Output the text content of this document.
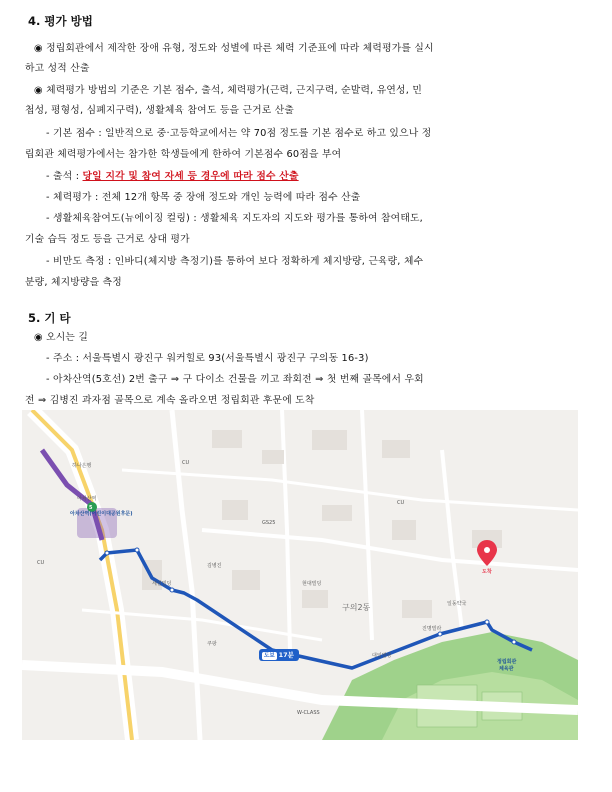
4. 평가 방법
◉ 정립회관에서 제작한 장애 유형, 정도와 성별에 따른 체력 기준표에 따라 체력평가를 실시
하고 성적 산출
◉ 체력평가 방법의 기준은 기본 점수, 출석, 체력평가(근력, 근지구력, 순발력, 유연성, 민
첩성, 평형성, 심폐지구력), 생활체육 참여도 등을 근거로 산출
- 기본 점수 : 일반적으로 중·고등학교에서는 약 70점 정도를 기본 점수로 하고 있으나 정
립회관 체력평가에서는 참가한 학생들에게 한하여 기본점수 60점을 부여
- 출석 : 당일 지각 및 참여 자세 등 경우에 따라 점수 산출
- 체력평가 : 전체 12개 항목 중 장애 정도와 개인 능력에 따라 점수 산출
- 생활체육참여도(뉴에이징 컬링) : 생활체육 지도자의 지도와 평가를 통하여 참여태도,
기술 습득 정도 등을 근거로 상대 평가
- 비만도 측정 : 인바디(체지방 측정기)를 통하여 보다 정확하게 체지방량, 근육량, 체수
분량, 체지방량을 측정
5. 기 타
◉ 오시는 길
- 주소 : 서울특별시 광진구 워커힐로 93(서울특별시 광진구 구의동 16-3)
- 아차산역(5호선) 2번 출구 ⇒ 구 다이소 건물을 끼고 좌회전 ⇒ 첫 번째 골목에서 우회
전 ⇒ 김병진 과자점 골목으로 계속 올라오면 정립회관 후문에 도착
아차산역(어린이대공원후문)
하나은행
아차산역
CU
CU
CU
GS25
김병진
세원빌딩	현대빌딩
구의2동	일동약국
진명빌라
대일빌딩
정립회관
체육관
도착
W-CLASS
쿠팡
도보 17분
5
